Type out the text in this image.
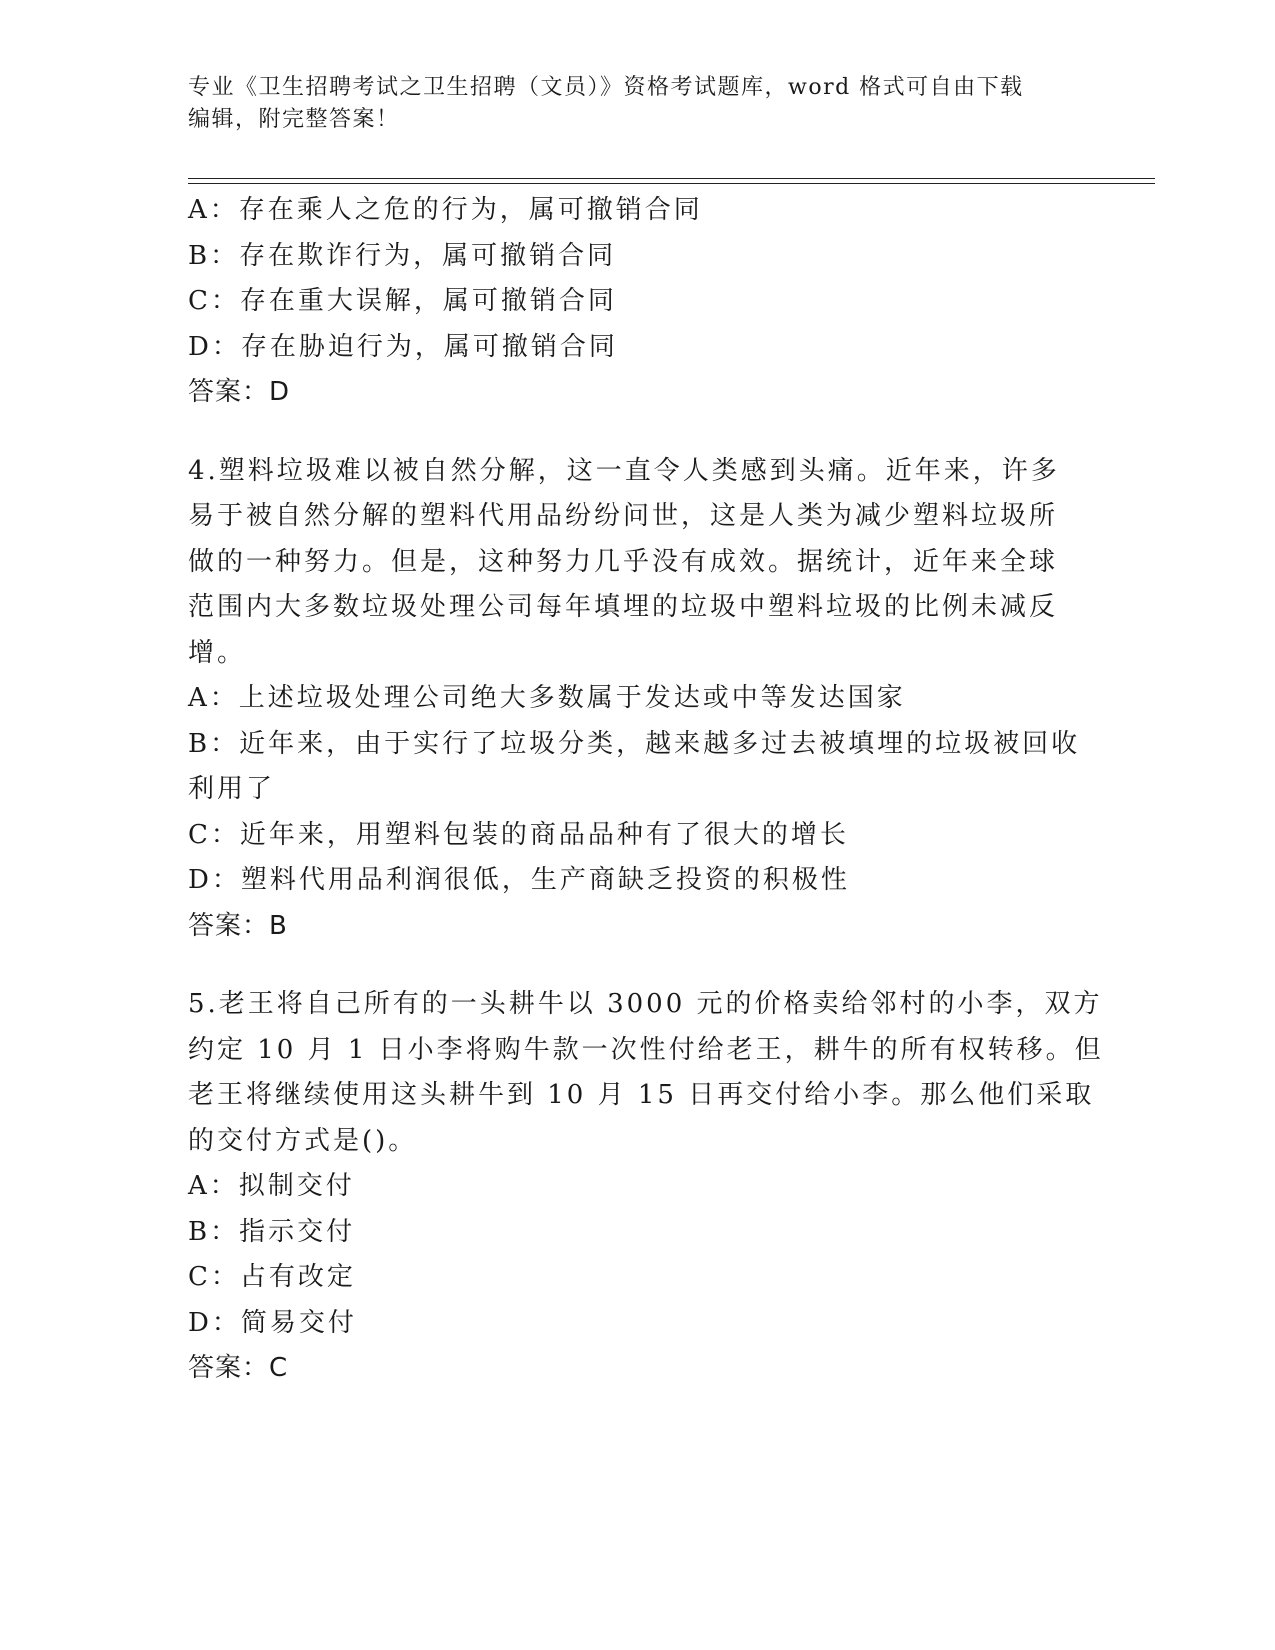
专业《卫生招聘考试之卫生招聘（文员）》资格考试题库，word 格式可自由下载
编辑，附完整答案！
A：存在乘人之危的行为，属可撤销合同
B：存在欺诈行为，属可撤销合同
C：存在重大误解，属可撤销合同
D：存在胁迫行为，属可撤销合同
答案：D
4.塑料垃圾难以被自然分解，这一直令人类感到头痛。近年来，许多
易于被自然分解的塑料代用品纷纷问世，这是人类为减少塑料垃圾所
做的一种努力。但是，这种努力几乎没有成效。据统计，近年来全球
范围内大多数垃圾处理公司每年填埋的垃圾中塑料垃圾的比例未减反
增。
A：上述垃圾处理公司绝大多数属于发达或中等发达国家
B：近年来，由于实行了垃圾分类，越来越多过去被填埋的垃圾被回收
利用了
C：近年来，用塑料包装的商品品种有了很大的增长
D：塑料代用品利润很低，生产商缺乏投资的积极性
答案：B
5.老王将自己所有的一头耕牛以 3000 元的价格卖给邻村的小李，双方
约定 10 月 1 日小李将购牛款一次性付给老王，耕牛的所有权转移。但
老王将继续使用这头耕牛到 10 月 15 日再交付给小李。那么他们采取
的交付方式是()。
A：拟制交付
B：指示交付
C：占有改定
D：简易交付
答案：C
